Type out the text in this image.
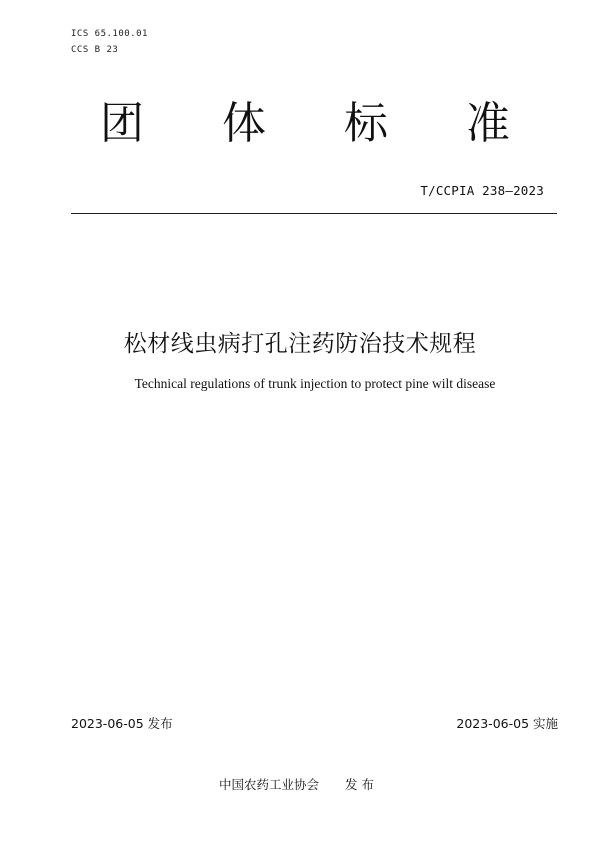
ICS 65.100.01
CCS B 23
团 体 标 准
T/CCPIA 238—2023
松材线虫病打孔注药防治技术规程
Technical regulations of trunk injection to protect pine wilt disease
2023-06-05 发布	2023-06-05 实施
中国农药工业协会 发 布
